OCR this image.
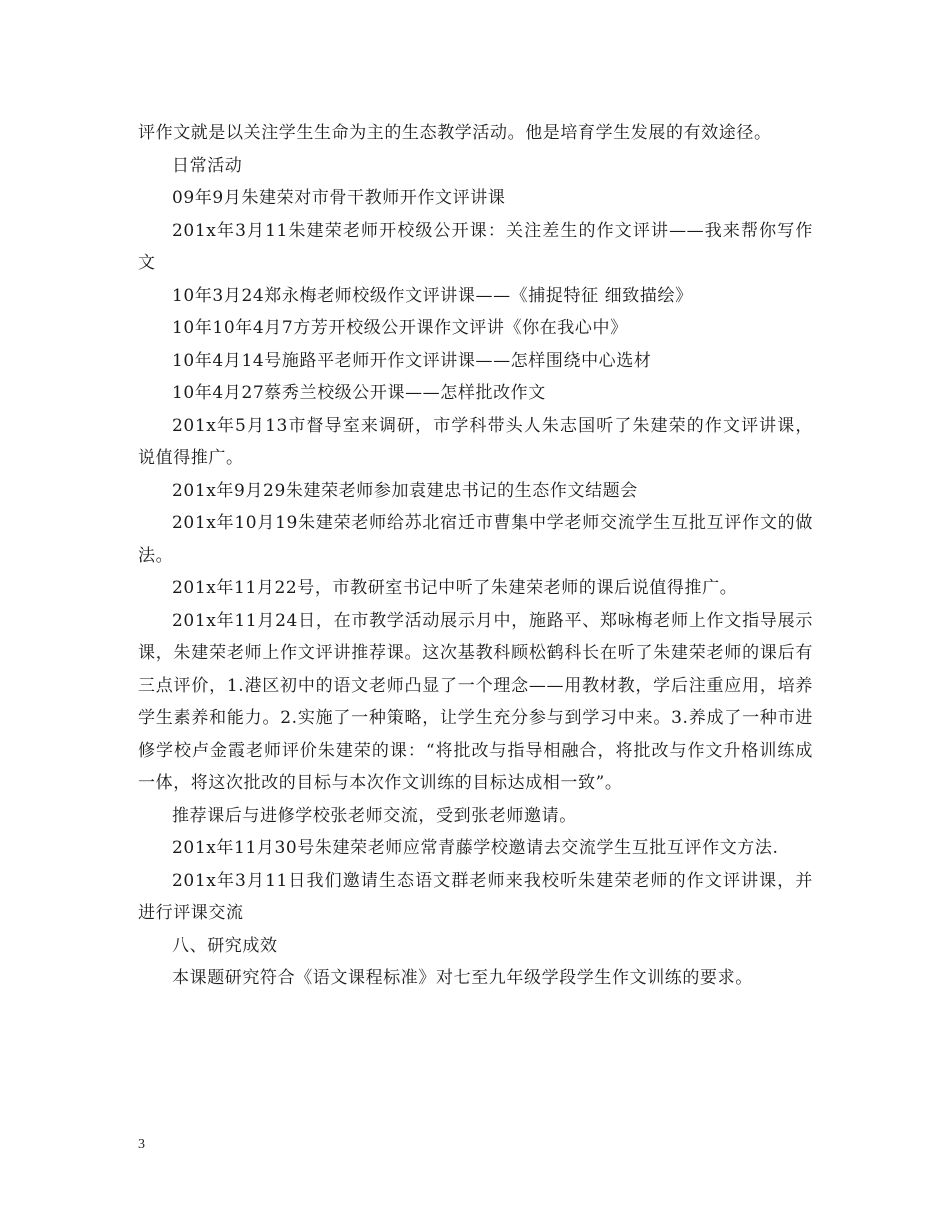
评作文就是以关注学生生命为主的生态教学活动。他是培育学生发展的有效途径。

日常活动

09年9月朱建荣对市骨干教师开作文评讲课

201x年3月11朱建荣老师开校级公开课：关注差生的作文评讲——我来帮你写作文

10年3月24郑永梅老师校级作文评讲课——《捕捉特征 细致描绘》

10年10年4月7方芳开校级公开课作文评讲《你在我心中》

10年4月14号施路平老师开作文评讲课——怎样围绕中心选材

10年4月27蔡秀兰校级公开课——怎样批改作文

201x年5月13市督导室来调研，市学科带头人朱志国听了朱建荣的作文评讲课，说值得推广。

201x年9月29朱建荣老师参加袁建忠书记的生态作文结题会

201x年10月19朱建荣老师给苏北宿迁市曹集中学老师交流学生互批互评作文的做法。

201x年11月22号，市教研室书记中听了朱建荣老师的课后说值得推广。

201x年11月24日，在市教学活动展示月中，施路平、郑咏梅老师上作文指导展示课，朱建荣老师上作文评讲推荐课。这次基教科顾松鹤科长在听了朱建荣老师的课后有三点评价，1.港区初中的语文老师凸显了一个理念——用教材教，学后注重应用，培养学生素养和能力。2.实施了一种策略，让学生充分参与到学习中来。3.养成了一种市进修学校卢金霞老师评价朱建荣的课：“将批改与指导相融合，将批改与作文升格训练成一体，将这次批改的目标与本次作文训练的目标达成相一致”。

推荐课后与进修学校张老师交流，受到张老师邀请。

201x年11月30号朱建荣老师应常青藤学校邀请去交流学生互批互评作文方法.

201x年3月11日我们邀请生态语文群老师来我校听朱建荣老师的作文评讲课，并进行评课交流

八、研究成效

本课题研究符合《语文课程标准》对七至九年级学段学生作文训练的要求。

3
